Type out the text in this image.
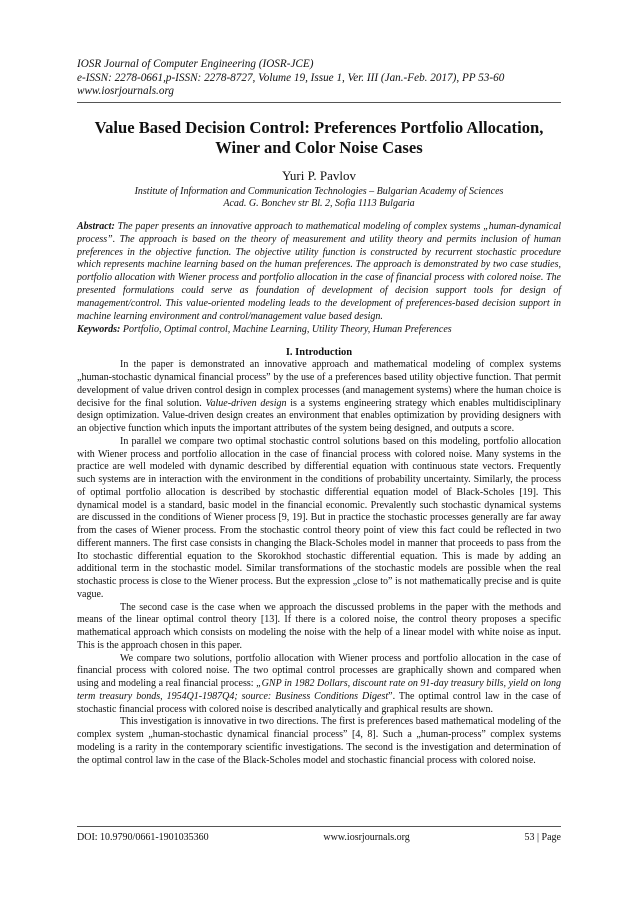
IOSR Journal of Computer Engineering (IOSR-JCE)
e-ISSN: 2278-0661,p-ISSN: 2278-8727, Volume 19, Issue 1, Ver. III (Jan.-Feb. 2017), PP 53-60
www.iosrjournals.org
Value Based Decision Control: Preferences Portfolio Allocation,
Winer and Color Noise Cases
Yuri P. Pavlov
Institute of Information and Communication Technologies – Bulgarian Academy of Sciences
Acad. G. Bonchev str Bl. 2, Sofia 1113 Bulgaria
Abstract: The paper presents an innovative approach to mathematical modeling of complex systems „human-dynamical process”. The approach is based on the theory of measurement and utility theory and permits inclusion of human preferences in the objective function. The objective utility function is constructed by recurrent stochastic procedure which represents machine learning based on the human preferences. The approach is demonstrated by two case studies, portfolio allocation with Wiener process and portfolio allocation in the case of financial process with colored noise. The presented formulations could serve as foundation of development of decision support tools for design of management/control. This value-oriented modeling leads to the development of preferences-based decision support in machine learning environment and control/management value based design.
Keywords: Portfolio, Optimal control, Machine Learning, Utility Theory, Human Preferences
I. Introduction

In the paper is demonstrated an innovative approach and mathematical modeling of complex systems „human-stochastic dynamical financial process” by the use of a preferences based utility objective function. That permit development of value driven control design in complex processes (and management systems) where the human choice is decisive for the final solution. Value-driven design is a systems engineering strategy which enables multidisciplinary design optimization. Value-driven design creates an environment that enables optimization by providing designers with an objective function which inputs the important attributes of the system being designed, and outputs a score.

In parallel we compare two optimal stochastic control solutions based on this modeling, portfolio allocation with Wiener process and portfolio allocation in the case of financial process with colored noise. Many systems in the practice are well modeled with dynamic described by differential equation with continuous state vectors. Frequently such systems are in interaction with the environment in the conditions of probability uncertainty. Similarly, the process of optimal portfolio allocation is described by stochastic differential equation model of Black-Scholes [19]. This dynamical model is a standard, basic model in the financial economic. Prevalently such stochastic dynamical systems are discussed in the conditions of Wiener process [9, 19]. But in practice the stochastic processes generally are far away from the cases of Wiener process. From the stochastic control theory point of view this fact could be reflected in two different manners. The first case consists in changing the Black-Scholes model in manner that proceeds to pass from the Ito stochastic differential equation to the Skorokhod stochastic differential equation. This is made by adding an additional term in the stochastic model. Similar transformations of the stochastic models are possible when the real stochastic process is close to the Wiener process. But the expression „close to” is not mathematically precise and is quite vague.

The second case is the case when we approach the discussed problems in the paper with the methods and means of the linear optimal control theory [13]. If there is a colored noise, the control theory proposes a specific mathematical approach which consists on modeling the noise with the help of a linear model with white noise as input. This is the approach chosen in this paper.

We compare two solutions, portfolio allocation with Wiener process and portfolio allocation in the case of financial process with colored noise. The two optimal control processes are graphically shown and compared when using and modeling a real financial process: „GNP in 1982 Dollars, discount rate on 91-day treasury bills, yield on long term treasury bonds, 1954Q1-1987Q4; source: Business Conditions Digest”. The optimal control law in the case of stochastic financial process with colored noise is described analytically and graphical results are shown.

This investigation is innovative in two directions. The first is preferences based mathematical modeling of the complex system „human-stochastic dynamical financial process” [4, 8]. Such a „human-process” complex systems modeling is a rarity in the contemporary scientific investigations. The second is the investigation and determination of the optimal control law in the case of the Black-Scholes model and stochastic financial process with colored noise.

DOI: 10.9790/0661-1901035360	www.iosrjournals.org	53 | Page
